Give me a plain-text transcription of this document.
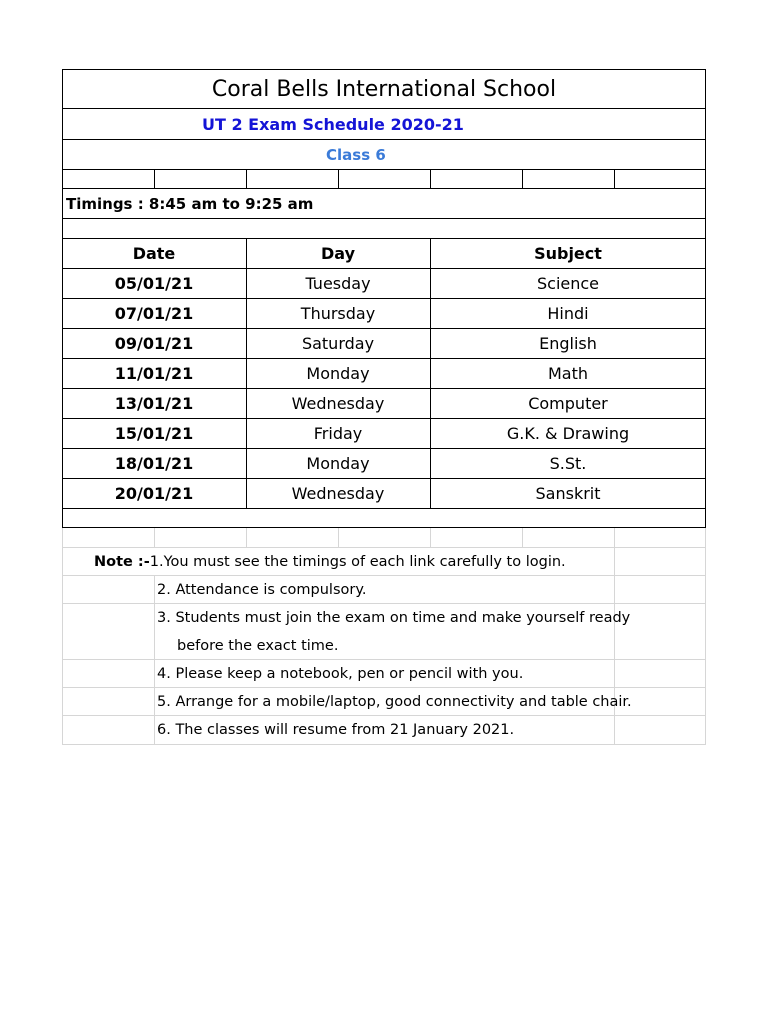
Coral Bells International School
UT 2 Exam Schedule 2020-21
Class 6
Timings : 8:45 am to 9:25 am
Date	Day	Subject
05/01/21	Tuesday	Science
07/01/21	Thursday	Hindi
09/01/21	Saturday	English
11/01/21	Monday	Math
13/01/21	Wednesday	Computer
15/01/21	Friday	G.K. & Drawing
18/01/21	Monday	S.St.
20/01/21	Wednesday	Sanskrit
Note :- 1.You must see the timings of each link carefully to login.
2. Attendance is compulsory.
3. Students must join the exam on time and make yourself ready
before the exact time.
4. Please keep a notebook, pen or pencil with you.
5. Arrange for a mobile/laptop, good connectivity and table chair.
6. The classes will resume from 21 January 2021.
